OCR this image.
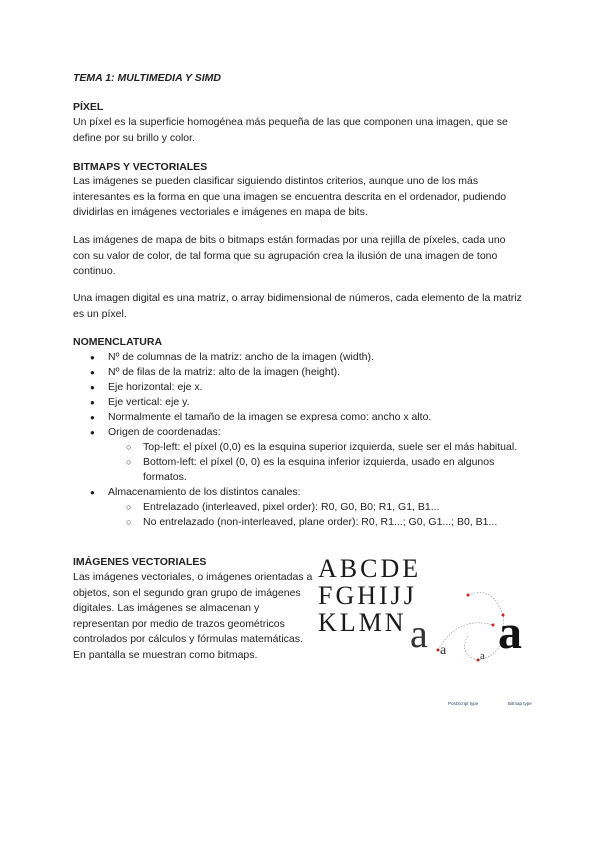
TEMA 1: MULTIMEDIA Y SIMD
PÍXEL
Un píxel es la superficie homogénea más pequeña de las que componen una imagen, que se define por su brillo y color.
BITMAPS Y VECTORIALES
Las imágenes se pueden clasificar siguiendo distintos criterios, aunque uno de los más interesantes es la forma en que una imagen se encuentra descrita en el ordenador, pudiendo dividirlas en imágenes vectoriales e imágenes en mapa de bits.
Las imágenes de mapa de bits o bitmaps están formadas por una rejilla de píxeles, cada uno con su valor de color, de tal forma que su agrupación crea la ilusión de una imagen de tono continuo.
Una imagen digital es una matriz, o array bidimensional de números, cada elemento de la matriz es un píxel.
NOMENCLATURA
● Nº de columnas de la matriz: ancho de la imagen (width).
● Nº de filas de la matriz: alto de la imagen (height).
● Eje horizontal: eje x.
● Eje vertical: eje y.
● Normalmente el tamaño de la imagen se expresa como: ancho x alto.
● Origen de coordenadas:
○ Top-left: el píxel (0,0) es la esquina superior izquierda, suele ser el más habitual.
○ Bottom-left: el píxel (0, 0) es la esquina inferior izquierda, usado en algunos formatos.
● Almacenamiento de los distintos canales:
○ Entrelazado (interleaved, pixel order): R0, G0, B0; R1, G1, B1...
○ No entrelazado (non-interleaved, plane order): R0, R1...; G0, G1...; B0, B1...
IMÁGENES VECTORIALES
Las imágenes vectoriales, o imágenes orientadas a objetos, son el segundo gran grupo de imágenes digitales. Las imágenes se almacenan y representan por medio de trazos geométricos controlados por cálculos y fórmulas matemáticas. En pantalla se muestran como bitmaps.
ABCDE
FGHIJJ
KLMN
a
a	a a
PostScript type	Bitmap type
